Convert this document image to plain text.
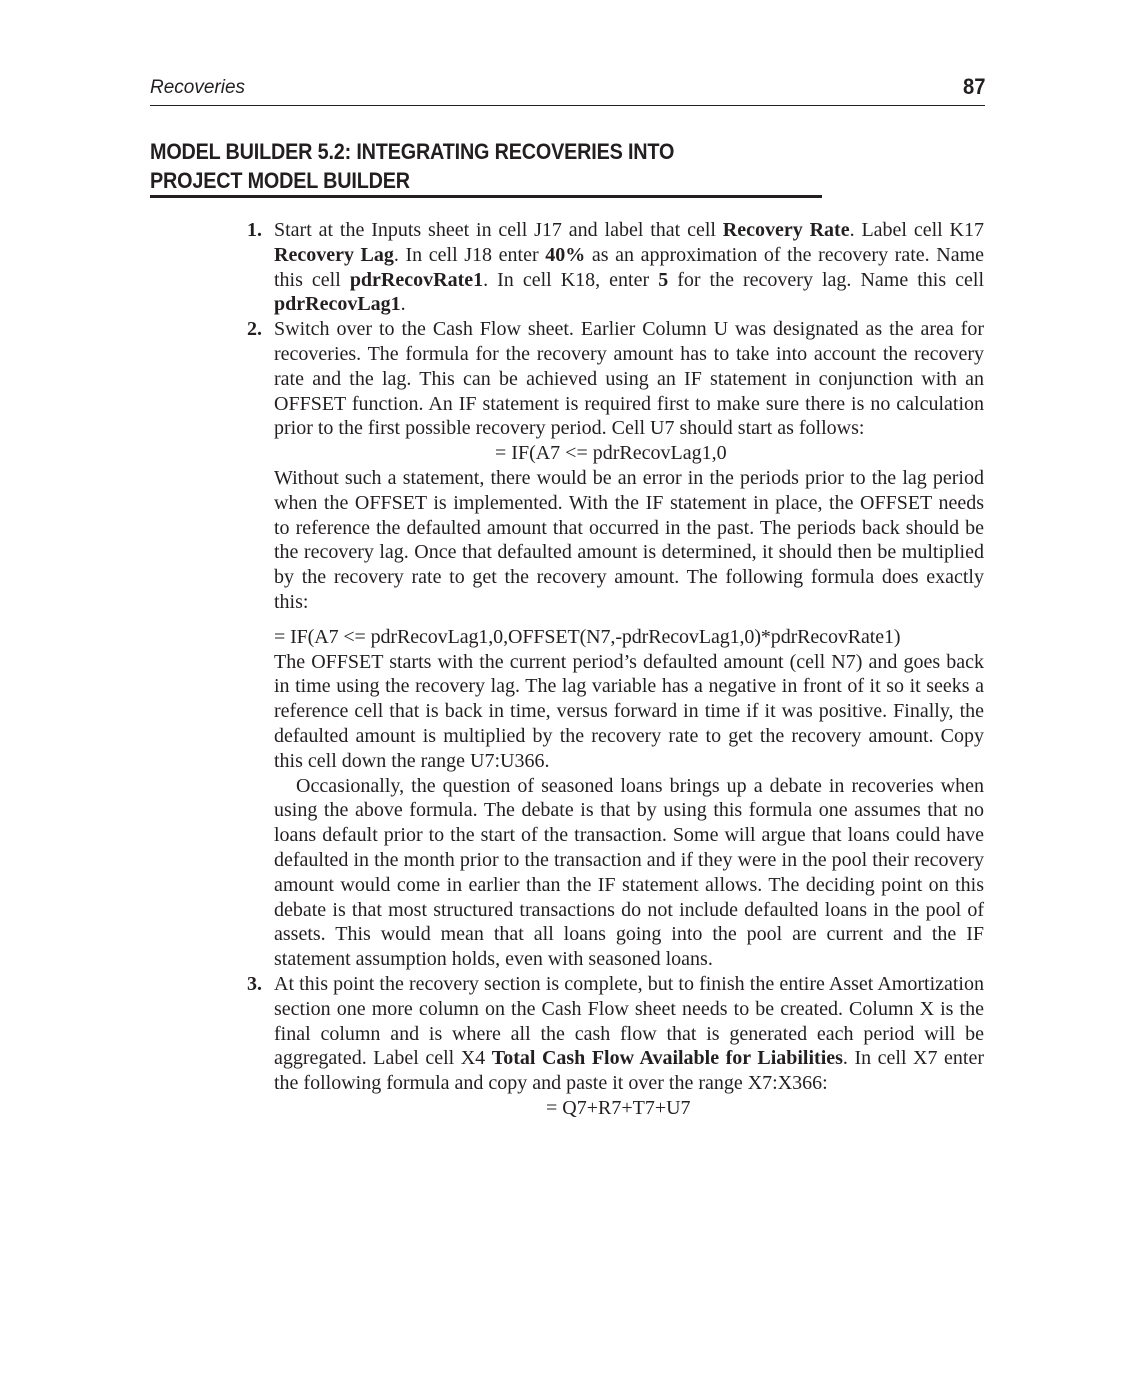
Recoveries	87
MODEL BUILDER 5.2: INTEGRATING RECOVERIES INTO
PROJECT MODEL BUILDER
1. Start at the Inputs sheet in cell J17 and label that cell Recovery Rate. Label cell K17 Recovery Lag. In cell J18 enter 40% as an approximation of the recovery rate. Name this cell pdrRecovRate1. In cell K18, enter 5 for the recovery lag. Name this cell pdrRecovLag1.

2. Switch over to the Cash Flow sheet. Earlier Column U was designated as the area for recoveries. The formula for the recovery amount has to take into account the recovery rate and the lag. This can be achieved using an IF statement in conjunction with an OFFSET function. An IF statement is required first to make sure there is no calculation prior to the first possible recovery period. Cell U7 should start as follows:

= IF(A7 <= pdrRecovLag1,0

Without such a statement, there would be an error in the periods prior to the lag period when the OFFSET is implemented. With the IF statement in place, the OFFSET needs to reference the defaulted amount that occurred in the past. The periods back should be the recovery lag. Once that defaulted amount is determined, it should then be multiplied by the recovery rate to get the recovery amount. The following formula does exactly this:

= IF(A7 <= pdrRecovLag1,0,OFFSET(N7,-pdrRecovLag1,0)*pdrRecovRate1)

The OFFSET starts with the current period’s defaulted amount (cell N7) and goes back in time using the recovery lag. The lag variable has a negative in front of it so it seeks a reference cell that is back in time, versus forward in time if it was positive. Finally, the defaulted amount is multiplied by the recovery rate to get the recovery amount. Copy this cell down the range U7:U366.

Occasionally, the question of seasoned loans brings up a debate in recoveries when using the above formula. The debate is that by using this formula one assumes that no loans default prior to the start of the transaction. Some will argue that loans could have defaulted in the month prior to the transaction and if they were in the pool their recovery amount would come in earlier than the IF statement allows. The deciding point on this debate is that most structured transactions do not include defaulted loans in the pool of assets. This would mean that all loans going into the pool are current and the IF statement assumption holds, even with seasoned loans.

3. At this point the recovery section is complete, but to finish the entire Asset Amortization section one more column on the Cash Flow sheet needs to be created. Column X is the final column and is where all the cash flow that is generated each period will be aggregated. Label cell X4 Total Cash Flow Available for Liabilities. In cell X7 enter the following formula and copy and paste it over the range X7:X366:

= Q7+R7+T7+U7
